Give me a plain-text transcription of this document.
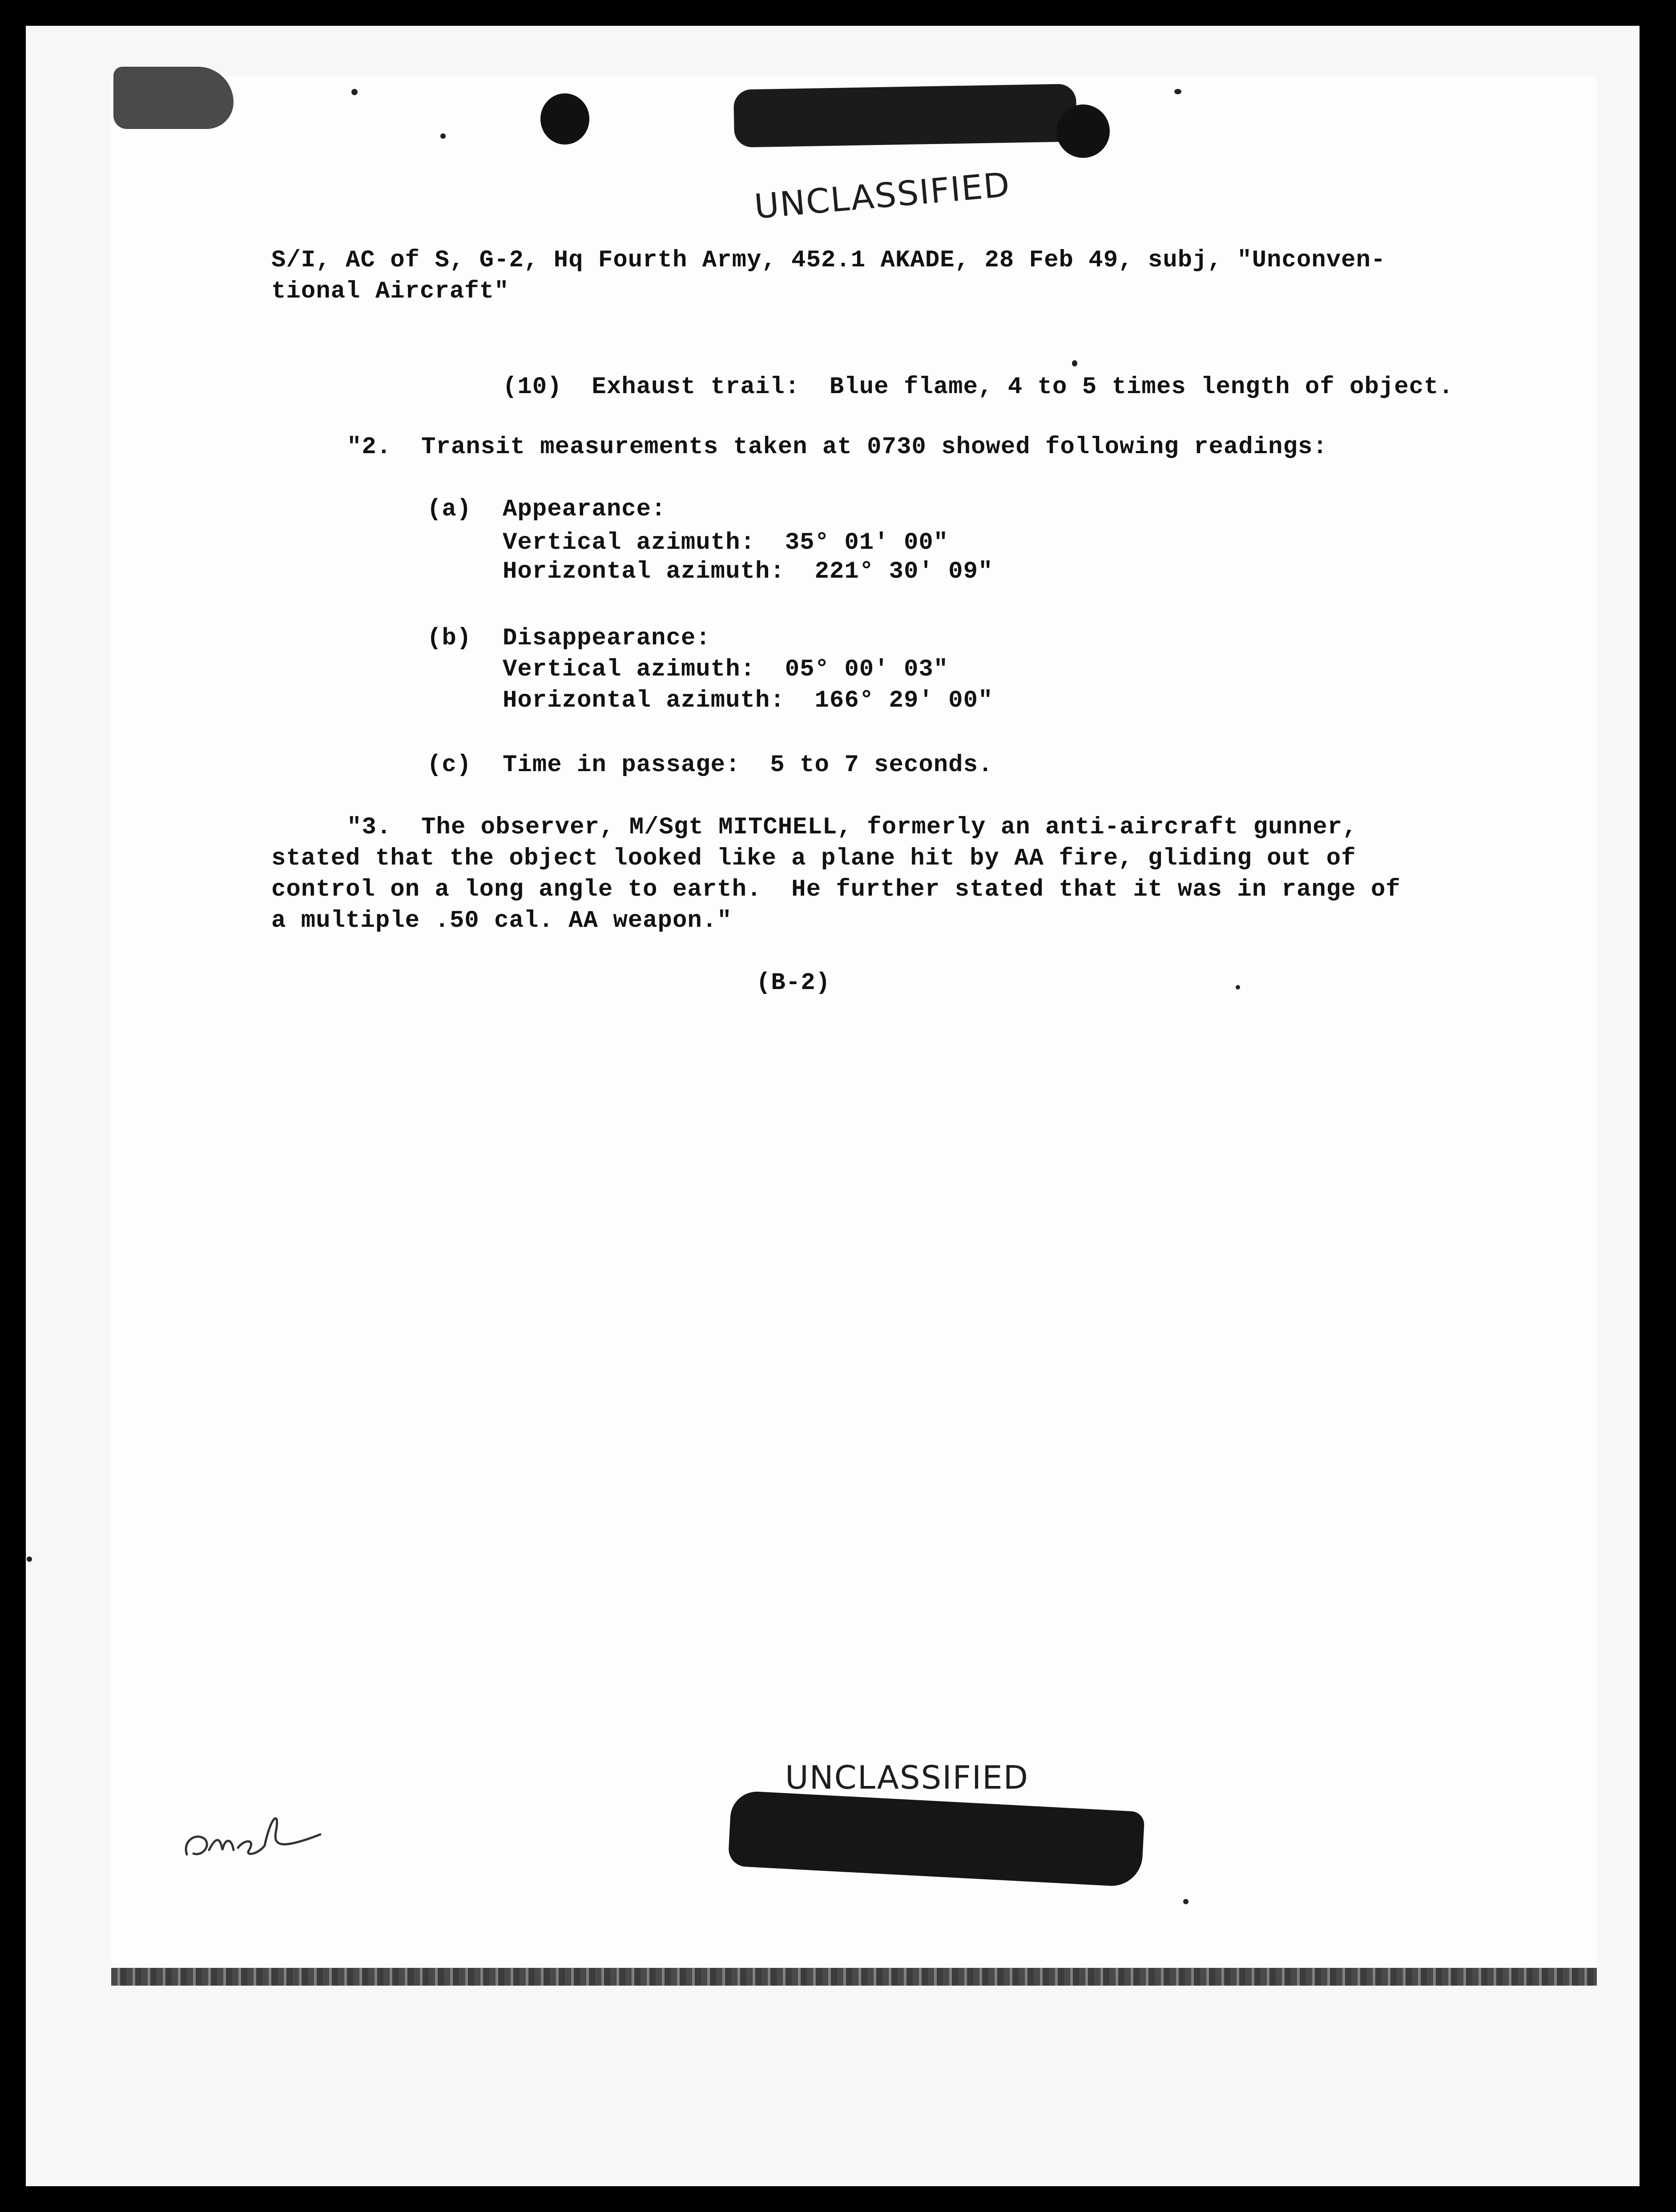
UNCLASSIFIED
S/I, AC of S, G-2, Hq Fourth Army, 452.1 AKADE, 28 Feb 49, subj, "Unconven-
tional Aircraft"
(10)  Exhaust trail:  Blue flame, 4 to 5 times length of object.
"2.  Transit measurements taken at 0730 showed following readings:
(a) Appearance:
Vertical azimuth:  35° 01' 00"
Horizontal azimuth:  221° 30' 09"
(b) Disappearance:
Vertical azimuth:  05° 00' 03"
Horizontal azimuth:  166° 29' 00"
(c) Time in passage:  5 to 7 seconds.
"3.  The observer, M/Sgt MITCHELL, formerly an anti-aircraft gunner,
stated that the object looked like a plane hit by AA fire, gliding out of
control on a long angle to earth.  He further stated that it was in range of
a multiple .50 cal. AA weapon."
(B-2)
UNCLASSIFIED
